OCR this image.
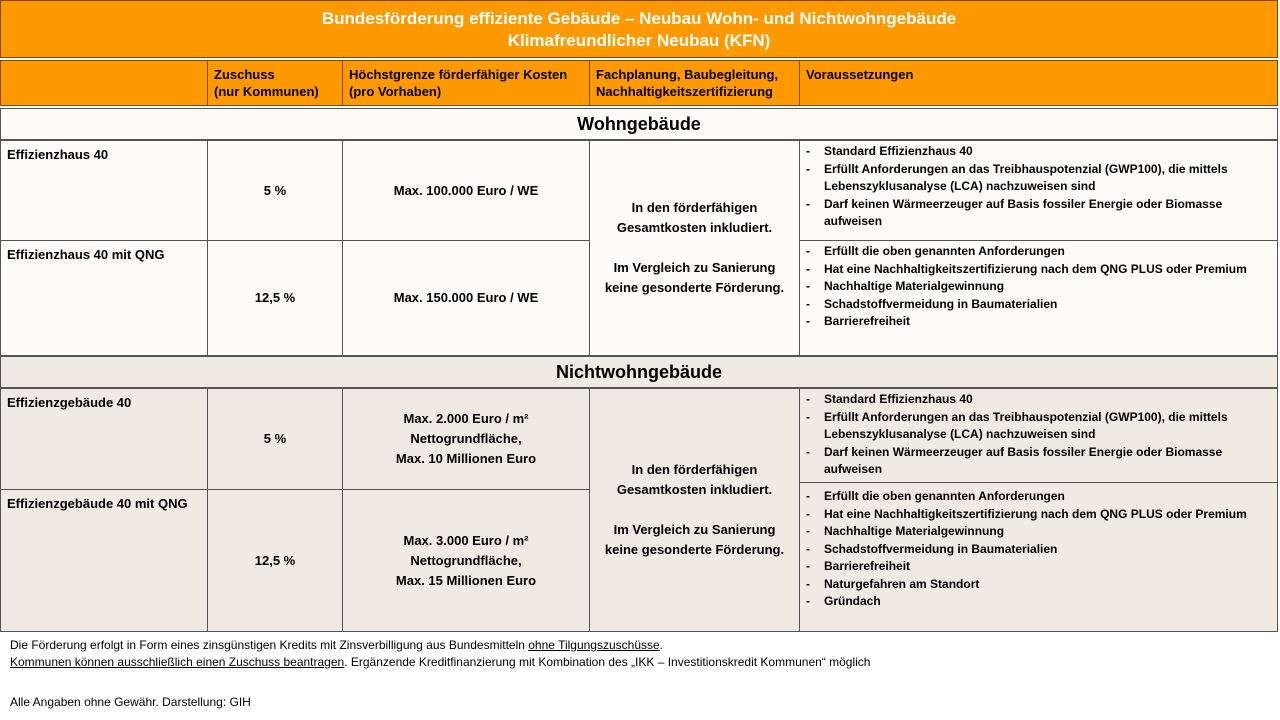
Bundesförderung effiziente Gebäude – Neubau Wohn- und Nichtwohngebäude
Klimafreundlicher Neubau (KFN)
Zuschuss
(nur Kommunen)
Höchstgrenze förderfähiger Kosten
(pro Vorhaben)
Fachplanung, Baubegleitung,
Nachhaltigkeitszertifizierung
Voraussetzungen
Wohngebäude
Effizienzhaus 40
5 %	Max. 100.000 Euro / WE
Effizienzhaus 40 mit QNG
12,5 %	Max. 150.000 Euro / WE
In den förderfähigen Gesamtkosten inkludiert.
Im Vergleich zu Sanierung keine gesonderte Förderung.
- Standard Effizienzhaus 40
- Erfüllt Anforderungen an das Treibhauspotenzial (GWP100), die mittels Lebenszyklusanalyse (LCA) nachzuweisen sind
- Darf keinen Wärmeerzeuger auf Basis fossiler Energie oder Biomasse aufweisen
- Erfüllt die oben genannten Anforderungen
- Hat eine Nachhaltigkeitszertifizierung nach dem QNG PLUS oder Premium
- Nachhaltige Materialgewinnung
- Schadstoffvermeidung in Baumaterialien
- Barrierefreiheit
Nichtwohngebäude
Effizienzgebäude 40
5 %
Max. 2.000 Euro / m²
Nettogrundfläche,
Max. 10 Millionen Euro
Effizienzgebäude 40 mit QNG
12,5 %
Max. 3.000 Euro / m²
Nettogrundfläche,
Max. 15 Millionen Euro
In den förderfähigen Gesamtkosten inkludiert.
Im Vergleich zu Sanierung keine gesonderte Förderung.
- Standard Effizienzhaus 40
- Erfüllt Anforderungen an das Treibhauspotenzial (GWP100), die mittels Lebenszyklusanalyse (LCA) nachzuweisen sind
- Darf keinen Wärmeerzeuger auf Basis fossiler Energie oder Biomasse aufweisen
- Erfüllt die oben genannten Anforderungen
- Hat eine Nachhaltigkeitszertifizierung nach dem QNG PLUS oder Premium
- Nachhaltige Materialgewinnung
- Schadstoffvermeidung in Baumaterialien
- Barrierefreiheit
- Naturgefahren am Standort
- Gründach
Die Förderung erfolgt in Form eines zinsgünstigen Kredits mit Zinsverbilligung aus Bundesmitteln ohne Tilgungszuschüsse.
Kommunen können ausschließlich einen Zuschuss beantragen. Ergänzende Kreditfinanzierung mit Kombination des „IKK – Investitionskredit Kommunen“ möglich
Alle Angaben ohne Gewähr. Darstellung: GIH
